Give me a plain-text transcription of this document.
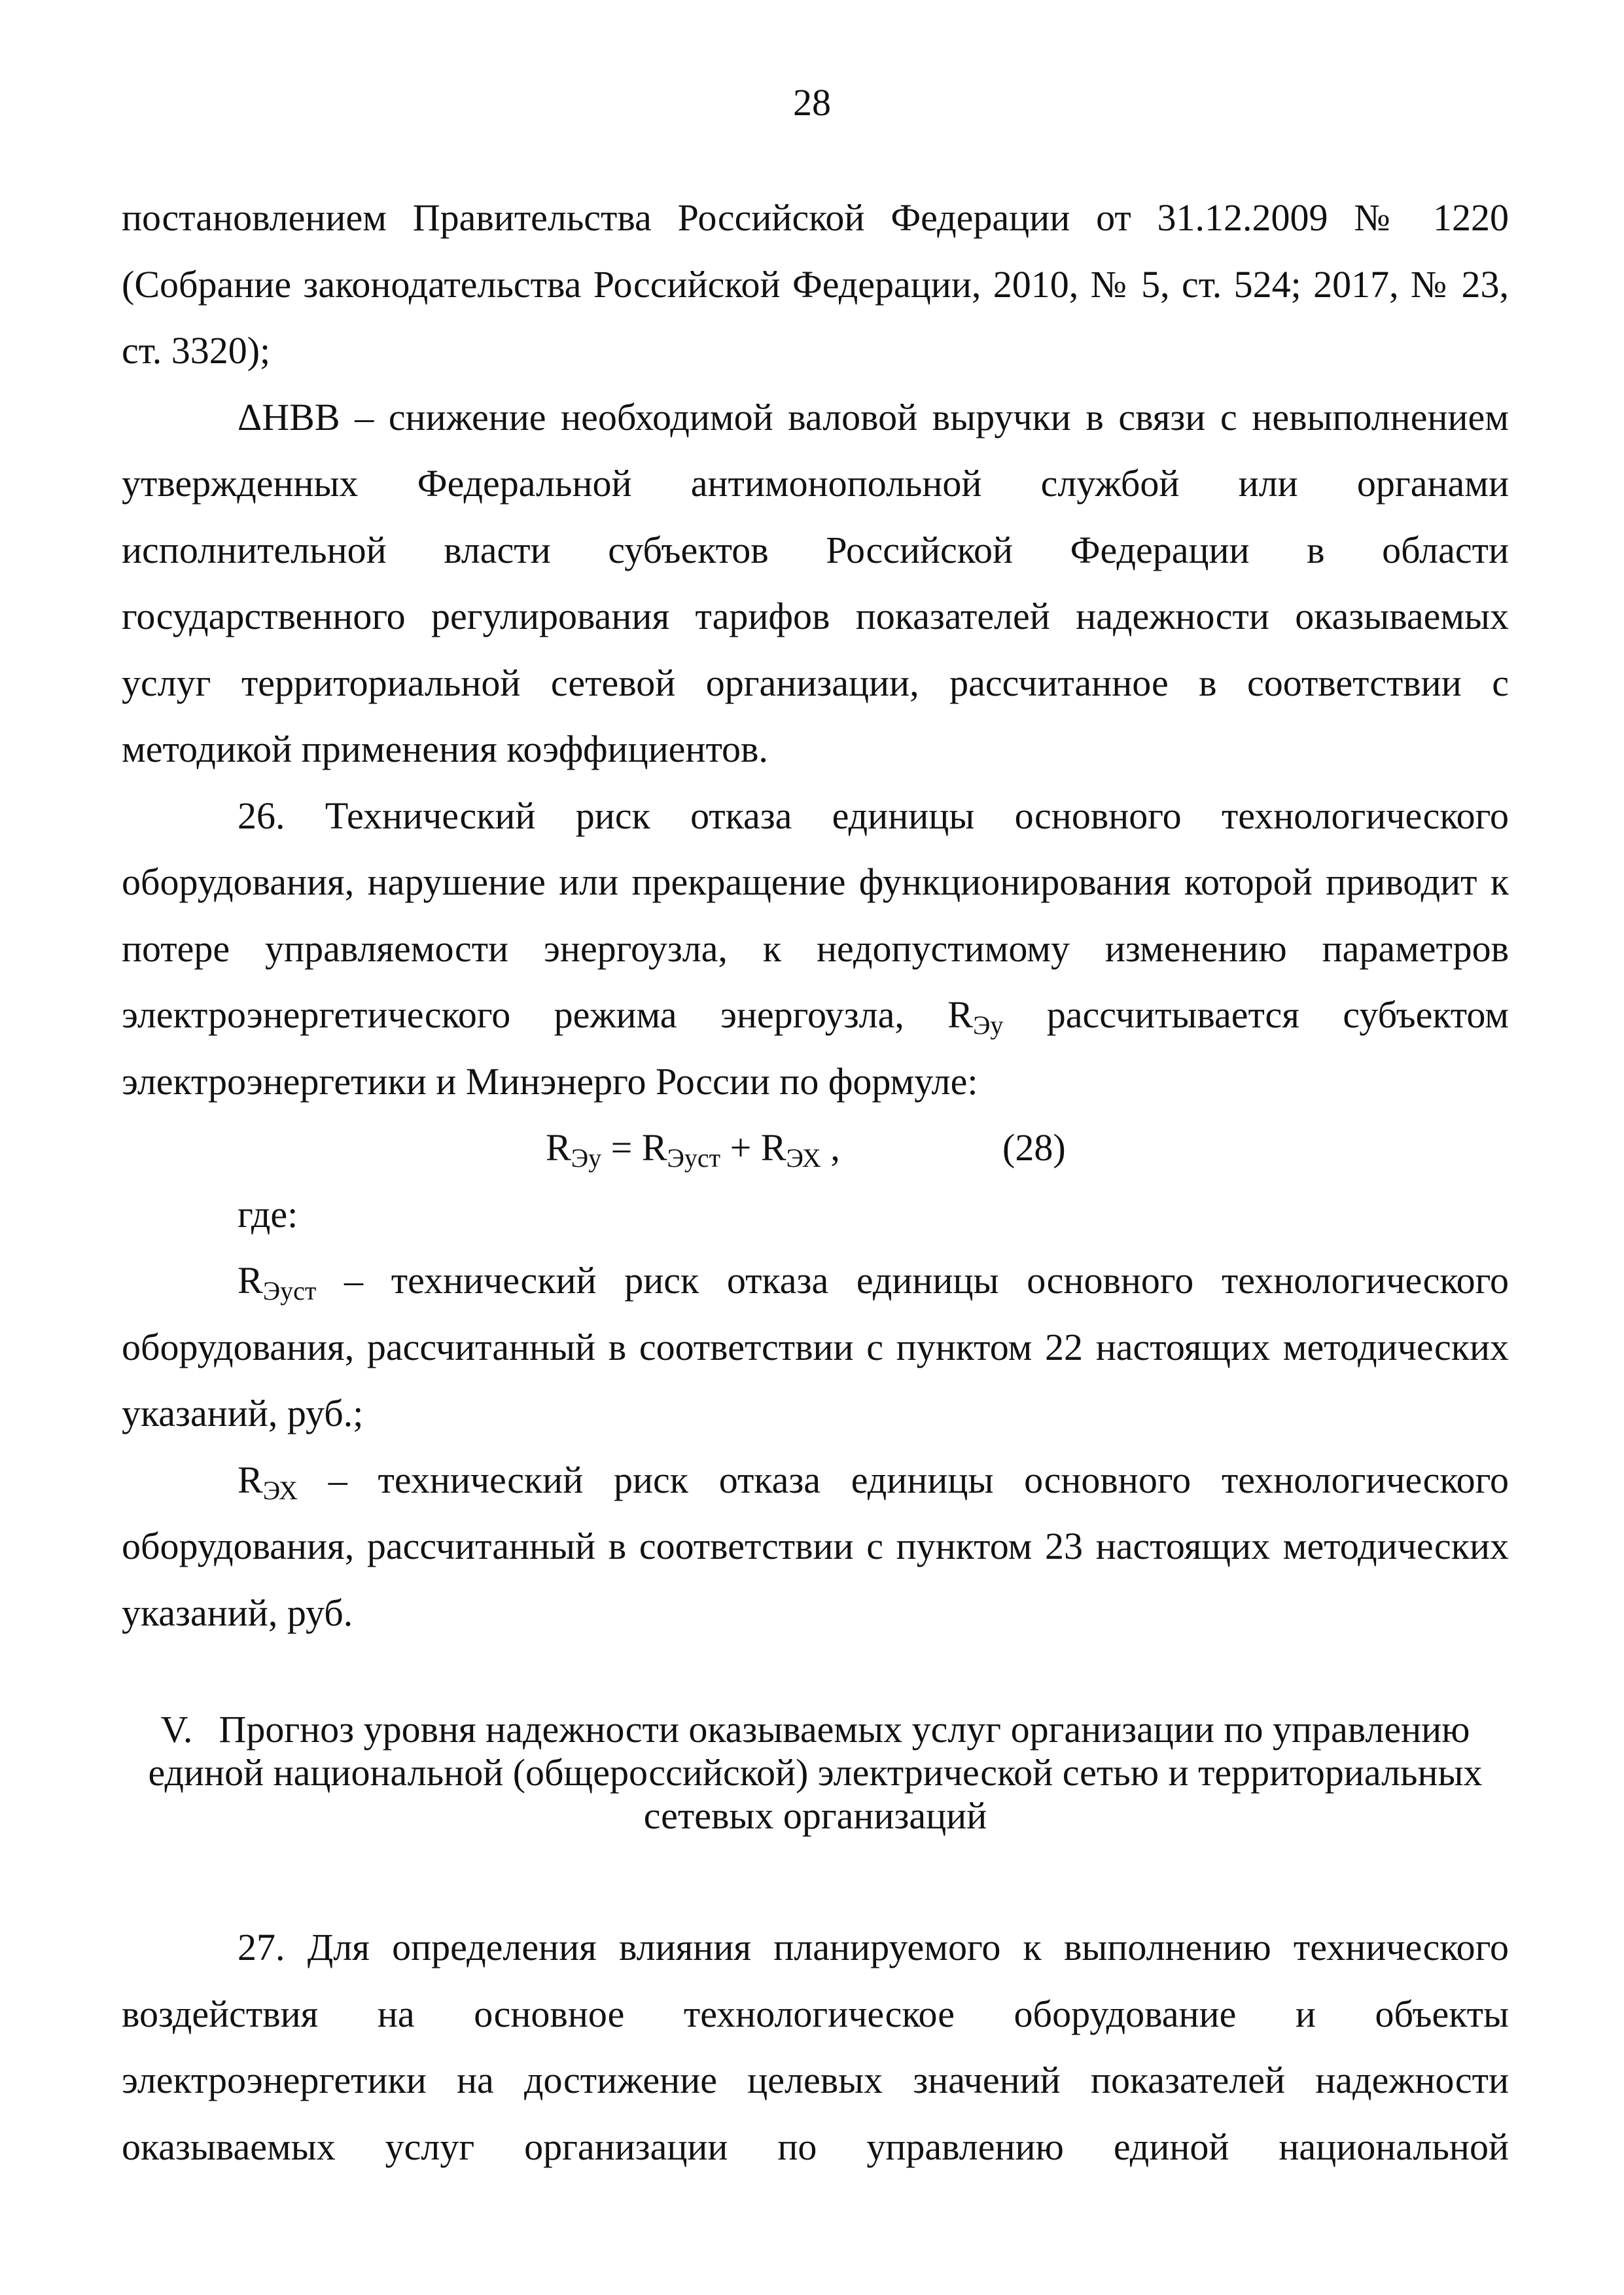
28

постановлением Правительства Российской Федерации от 31.12.2009 № 1220 (Собрание законодательства Российской Федерации, 2010, № 5, ст. 524; 2017, № 23, ст. 3320);

ΔНВВ – снижение необходимой валовой выручки в связи с невыполнением утвержденных Федеральной антимонопольной службой или органами исполнительной власти субъектов Российской Федерации в области государственного регулирования тарифов показателей надежности оказываемых услуг территориальной сетевой организации, рассчитанное в соответствии с методикой применения коэффициентов.

26. Технический риск отказа единицы основного технологического оборудования, нарушение или прекращение функционирования которой приводит к потере управляемости энергоузла, к недопустимому изменению параметров электроэнергетического режима энергоузла, $R_{Эу}$ рассчитывается субъектом электроэнергетики и Минэнерго России по формуле:

$R_{Эу} = R_{Эуст} + R_{ЭХ}$ ,	(28)

где:

$R_{Эуст}$ – технический риск отказа единицы основного технологического оборудования, рассчитанный в соответствии с пунктом 22 настоящих методических указаний, руб.;

$R_{ЭХ}$ – технический риск отказа единицы основного технологического оборудования, рассчитанный в соответствии с пунктом 23 настоящих методических указаний, руб.

V. Прогноз уровня надежности оказываемых услуг организации по управлению единой национальной (общероссийской) электрической сетью и территориальных сетевых организаций
27. Для определения влияния планируемого к выполнению технического воздействия на основное технологическое оборудование и объекты электроэнергетики на достижение целевых значений показателей надежности оказываемых услуг организации по управлению единой национальной
